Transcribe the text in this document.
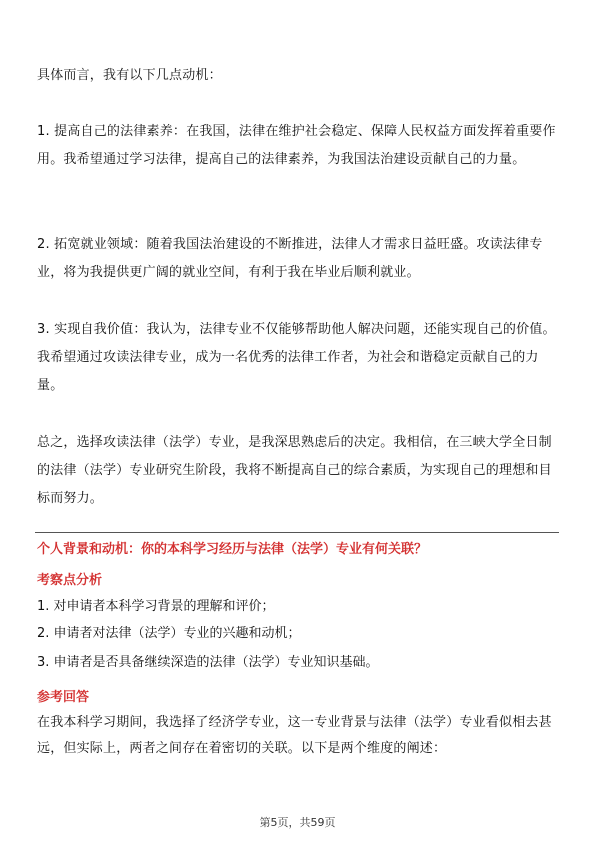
具体而言，我有以下几点动机：

1. 提高自己的法律素养：在我国，法律在维护社会稳定、保障人民权益方面发挥着重要作用。我希望通过学习法律，提高自己的法律素养，为我国法治建设贡献自己的力量。

2. 拓宽就业领域：随着我国法治建设的不断推进，法律人才需求日益旺盛。攻读法律专业，将为我提供更广阔的就业空间，有利于我在毕业后顺利就业。

3. 实现自我价值：我认为，法律专业不仅能够帮助他人解决问题，还能实现自己的价值。我希望通过攻读法律专业，成为一名优秀的法律工作者，为社会和谐稳定贡献自己的力量。

总之，选择攻读法律（法学）专业，是我深思熟虑后的决定。我相信，在三峡大学全日制的法律（法学）专业研究生阶段，我将不断提高自己的综合素质，为实现自己的理想和目标而努力。

个人背景和动机：你的本科学习经历与法律（法学）专业有何关联？

考察点分析

1. 对申请者本科学习背景的理解和评价；

2. 申请者对法律（法学）专业的兴趣和动机；

3. 申请者是否具备继续深造的法律（法学）专业知识基础。

参考回答

在我本科学习期间，我选择了经济学专业，这一专业背景与法律（法学）专业看似相去甚远，但实际上，两者之间存在着密切的关联。以下是两个维度的阐述：

第5页，共59页
